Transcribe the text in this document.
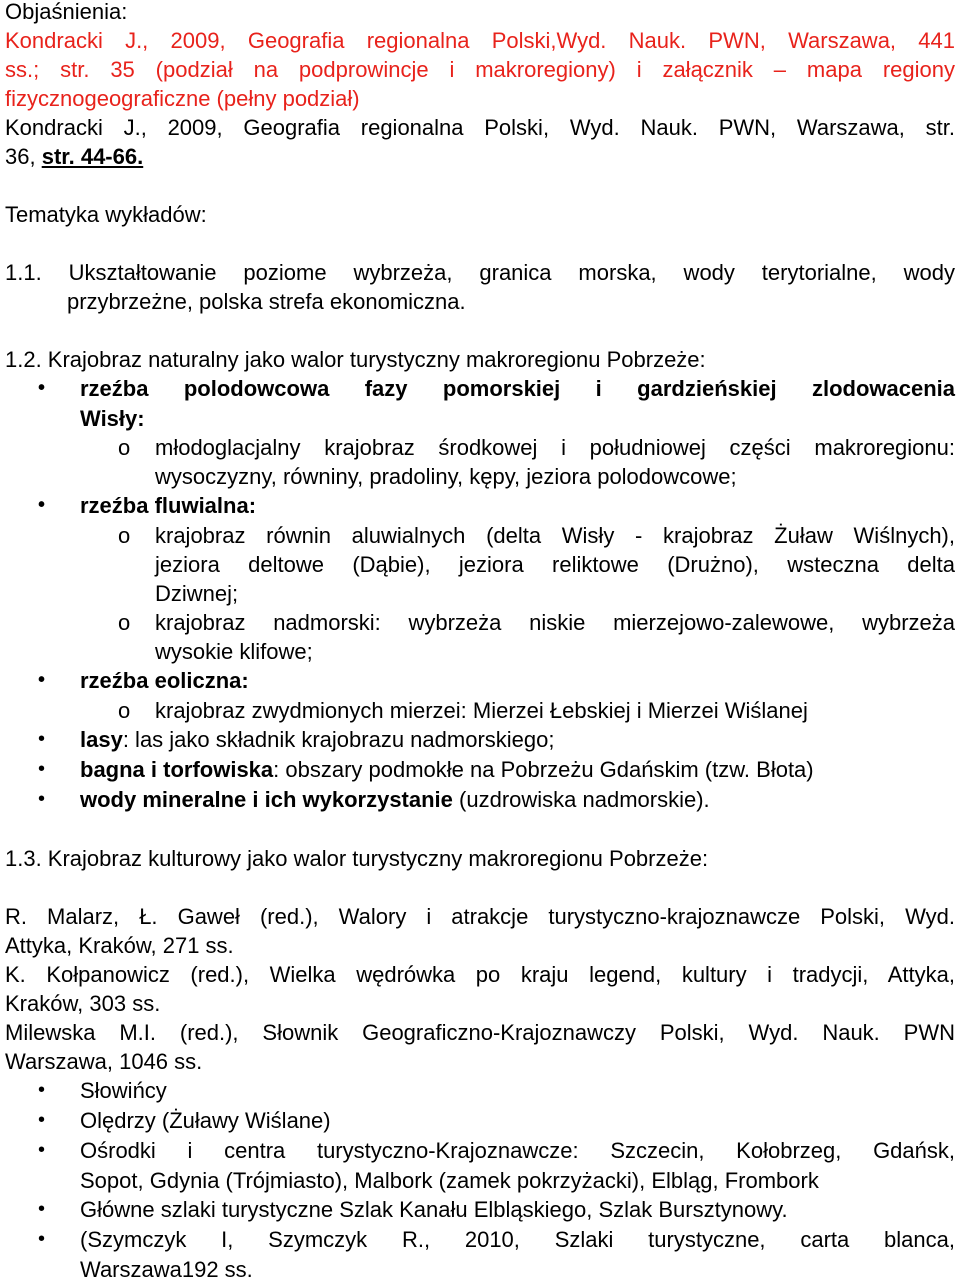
Objaśnienia:
Kondracki J., 2009, Geografia regionalna Polski,Wyd. Nauk. PWN, Warszawa, 441
ss.; str. 35 (podział na podprowincje i makroregiony) i załącznik – mapa regiony
fizycznogeograficzne (pełny podział)
Kondracki J., 2009, Geografia regionalna Polski, Wyd. Nauk. PWN, Warszawa, str.
36, str. 44-66.
Tematyka wykładów:
1.1. Ukształtowanie poziome wybrzeża, granica morska, wody terytorialne, wody
przybrzeżne, polska strefa ekonomiczna.
1.2. Krajobraz naturalny jako walor turystyczny makroregionu Pobrzeże:
• rzeźba polodowcowa fazy pomorskiej i gardzieńskiej zlodowacenia
Wisły:
o młodoglacjalny krajobraz środkowej i południowej części makroregionu:
wysoczyzny, równiny, pradoliny, kępy, jeziora polodowcowe;
• rzeźba fluwialna:
o krajobraz równin aluwialnych (delta Wisły - krajobraz Żuław Wiślnych),
jeziora deltowe (Dąbie), jeziora reliktowe (Drużno), wsteczna delta
Dziwnej;
o krajobraz nadmorski: wybrzeża niskie mierzejowo-zalewowe, wybrzeża
wysokie klifowe;
• rzeźba eoliczna:
o krajobraz zwydmionych mierzei: Mierzei Łebskiej i Mierzei Wiślanej
• lasy: las jako składnik krajobrazu nadmorskiego;
• bagna i torfowiska: obszary podmokłe na Pobrzeżu Gdańskim (tzw. Błota)
• wody mineralne i ich wykorzystanie (uzdrowiska nadmorskie).
1.3. Krajobraz kulturowy jako walor turystyczny makroregionu Pobrzeże:
R. Malarz, Ł. Gaweł (red.), Walory i atrakcje turystyczno-krajoznawcze Polski, Wyd.
Attyka, Kraków, 271 ss.
K. Kołpanowicz (red.), Wielka wędrówka po kraju legend, kultury i tradycji, Attyka,
Kraków, 303 ss.
Milewska M.I. (red.), Słownik Geograficzno-Krajoznawczy Polski, Wyd. Nauk. PWN
Warszawa, 1046 ss.
• Słowińcy
• Olędrzy (Żuławy Wiślane)
• Ośrodki i centra turystyczno-Krajoznawcze: Szczecin, Kołobrzeg, Gdańsk,
Sopot, Gdynia (Trójmiasto), Malbork (zamek pokrzyżacki), Elbląg, Frombork
• Główne szlaki turystyczne Szlak Kanału Elbląskiego, Szlak Bursztynowy.
• (Szymczyk I, Szymczyk R., 2010, Szlaki turystyczne, carta blanca,
Warszawa192 ss.
